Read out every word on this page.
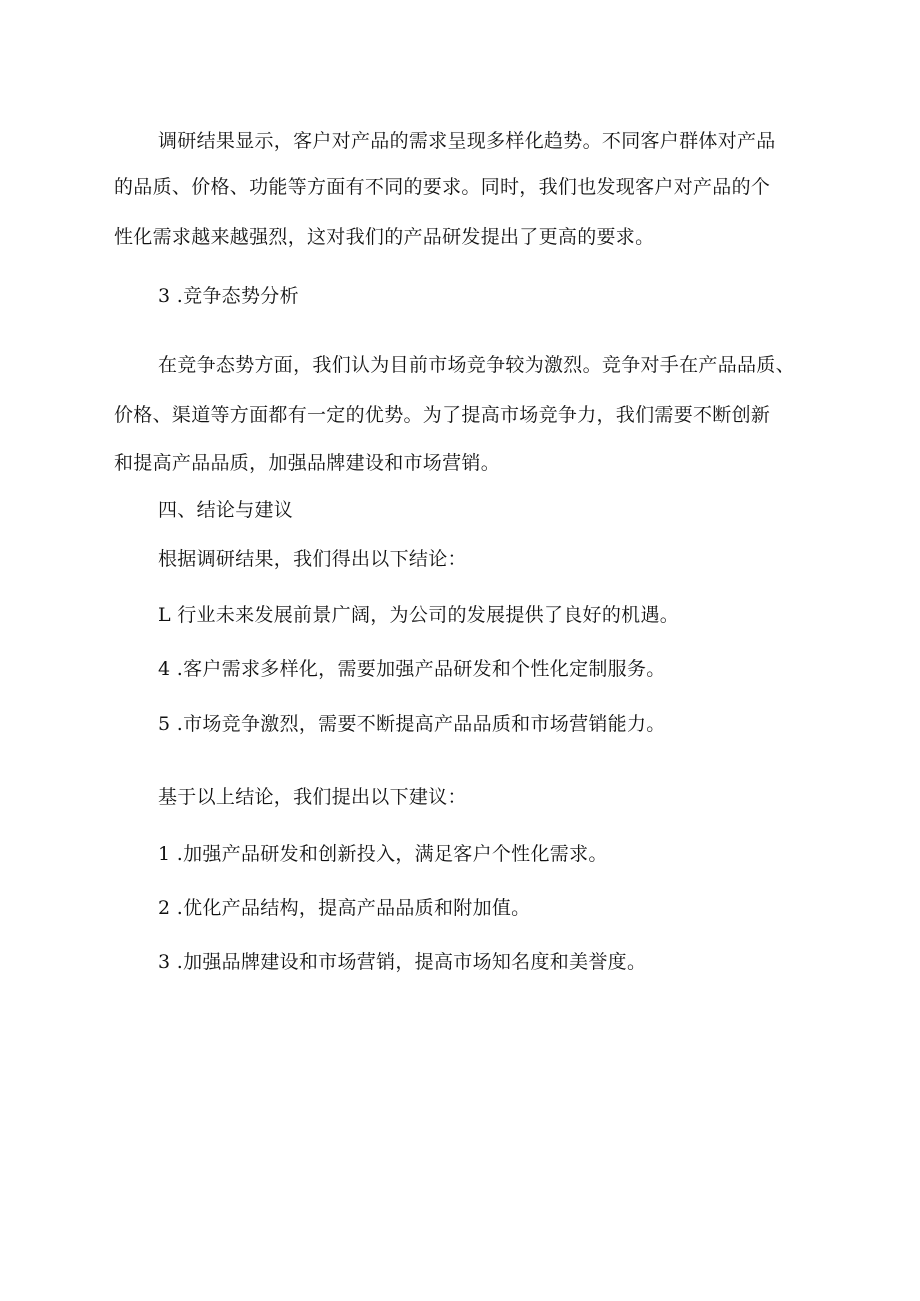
调研结果显示，客户对产品的需求呈现多样化趋势。不同客户群体对产品
的品质、价格、功能等方面有不同的要求。同时，我们也发现客户对产品的个
性化需求越来越强烈，这对我们的产品研发提出了更高的要求。
3 .竞争态势分析
在竞争态势方面，我们认为目前市场竞争较为激烈。竞争对手在产品品质、
价格、渠道等方面都有一定的优势。为了提高市场竞争力，我们需要不断创新
和提高产品品质，加强品牌建设和市场营销。
四、结论与建议
根据调研结果，我们得出以下结论：
L 行业未来发展前景广阔，为公司的发展提供了良好的机遇。
4 .客户需求多样化，需要加强产品研发和个性化定制服务。
5 .市场竞争激烈，需要不断提高产品品质和市场营销能力。
基于以上结论，我们提出以下建议：
1 .加强产品研发和创新投入，满足客户个性化需求。
2 .优化产品结构，提高产品品质和附加值。
3 .加强品牌建设和市场营销，提高市场知名度和美誉度。
